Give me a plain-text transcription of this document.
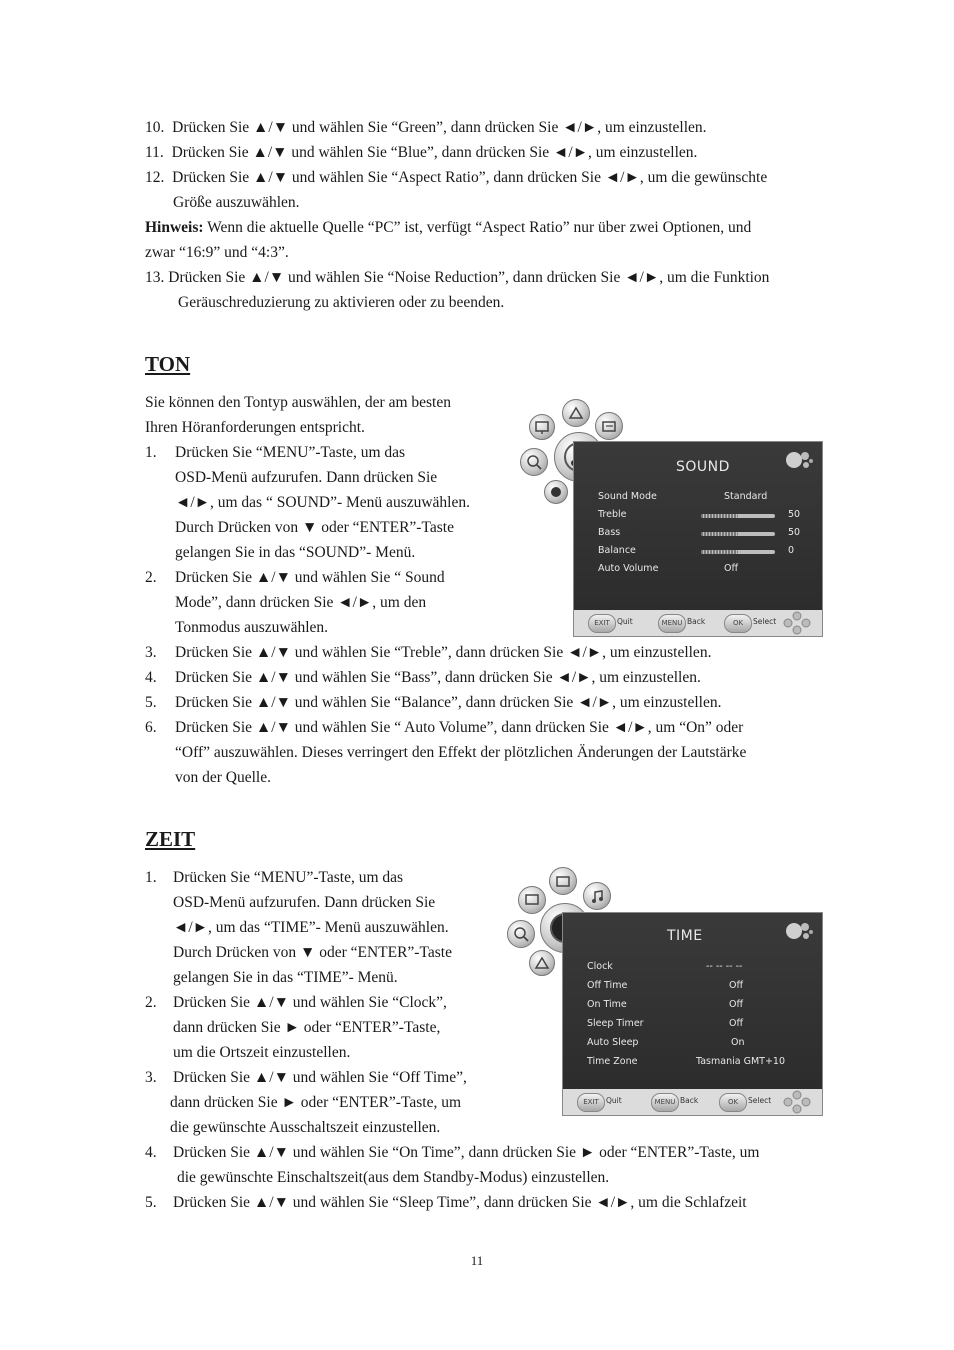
10. Drücken Sie ▲/▼ und wählen Sie “Green”, dann drücken Sie ◄/►, um einzustellen.
11. Drücken Sie ▲/▼ und wählen Sie “Blue”, dann drücken Sie ◄/►, um einzustellen.
12. Drücken Sie ▲/▼ und wählen Sie “Aspect Ratio”, dann drücken Sie ◄/►, um die gewünschte
Größe auszuwählen.
Hinweis: Wenn die aktuelle Quelle “PC” ist, verfügt “Aspect Ratio” nur über zwei Optionen, und
zwar “16:9” und “4:3”.
13. Drücken Sie ▲/▼ und wählen Sie “Noise Reduction”, dann drücken Sie ◄/►, um die Funktion
Geräuschreduzierung zu aktivieren oder zu beenden.
TON
Sie können den Tontyp auswählen, der am besten
Ihren Höranforderungen entspricht.
1. Drücken Sie “MENU”-Taste, um das
OSD-Menü aufzurufen. Dann drücken Sie
◄/►, um das “ SOUND”- Menü auszuwählen.
Durch Drücken von ▼ oder “ENTER”-Taste
gelangen Sie in das “SOUND”- Menü.
2. Drücken Sie ▲/▼ und wählen Sie “ Sound
Mode”, dann drücken Sie ◄/►, um den
Tonmodus auszuwählen.
3. Drücken Sie ▲/▼ und wählen Sie “Treble”, dann drücken Sie ◄/►, um einzustellen.
4. Drücken Sie ▲/▼ und wählen Sie “Bass”, dann drücken Sie ◄/►, um einzustellen.
5. Drücken Sie ▲/▼ und wählen Sie “Balance”, dann drücken Sie ◄/►, um einzustellen.
6. Drücken Sie ▲/▼ und wählen Sie “ Auto Volume”, dann drücken Sie ◄/►, um “On” oder
“Off” auszuwählen. Dieses verringert den Effekt der plötzlichen Änderungen der Lautstärke
von der Quelle.
SOUND
Sound Mode	Standard
Treble	50
Bass	50
Balance	0
Auto Volume	Off
EXIT Quit	MENU Back	OK	Select
ZEIT
1. Drücken Sie “MENU”-Taste, um das
OSD-Menü aufzurufen. Dann drücken Sie
◄/►, um das “TIME”- Menü auszuwählen.
Durch Drücken von ▼ oder “ENTER”-Taste
gelangen Sie in das “TIME”- Menü.
2. Drücken Sie ▲/▼ und wählen Sie “Clock”,
dann drücken Sie ► oder “ENTER”-Taste,
um die Ortszeit einzustellen.
3. Drücken Sie ▲/▼ und wählen Sie “Off Time”,
dann drücken Sie ► oder “ENTER”-Taste, um
die gewünschte Ausschaltszeit einzustellen.
4. Drücken Sie ▲/▼ und wählen Sie “On Time”, dann drücken Sie ► oder “ENTER”-Taste, um
die gewünschte Einschaltszeit(aus dem Standby-Modus) einzustellen.
5. Drücken Sie ▲/▼ und wählen Sie “Sleep Time”, dann drücken Sie ◄/►, um die Schlafzeit
TIME
Clock	-- -- -- --
Off Time	Off
On Time	Off
Sleep Timer	Off
Auto Sleep	On
Time Zone	Tasmania GMT+10
EXIT Quit	MENU Back	OK	Select
11
